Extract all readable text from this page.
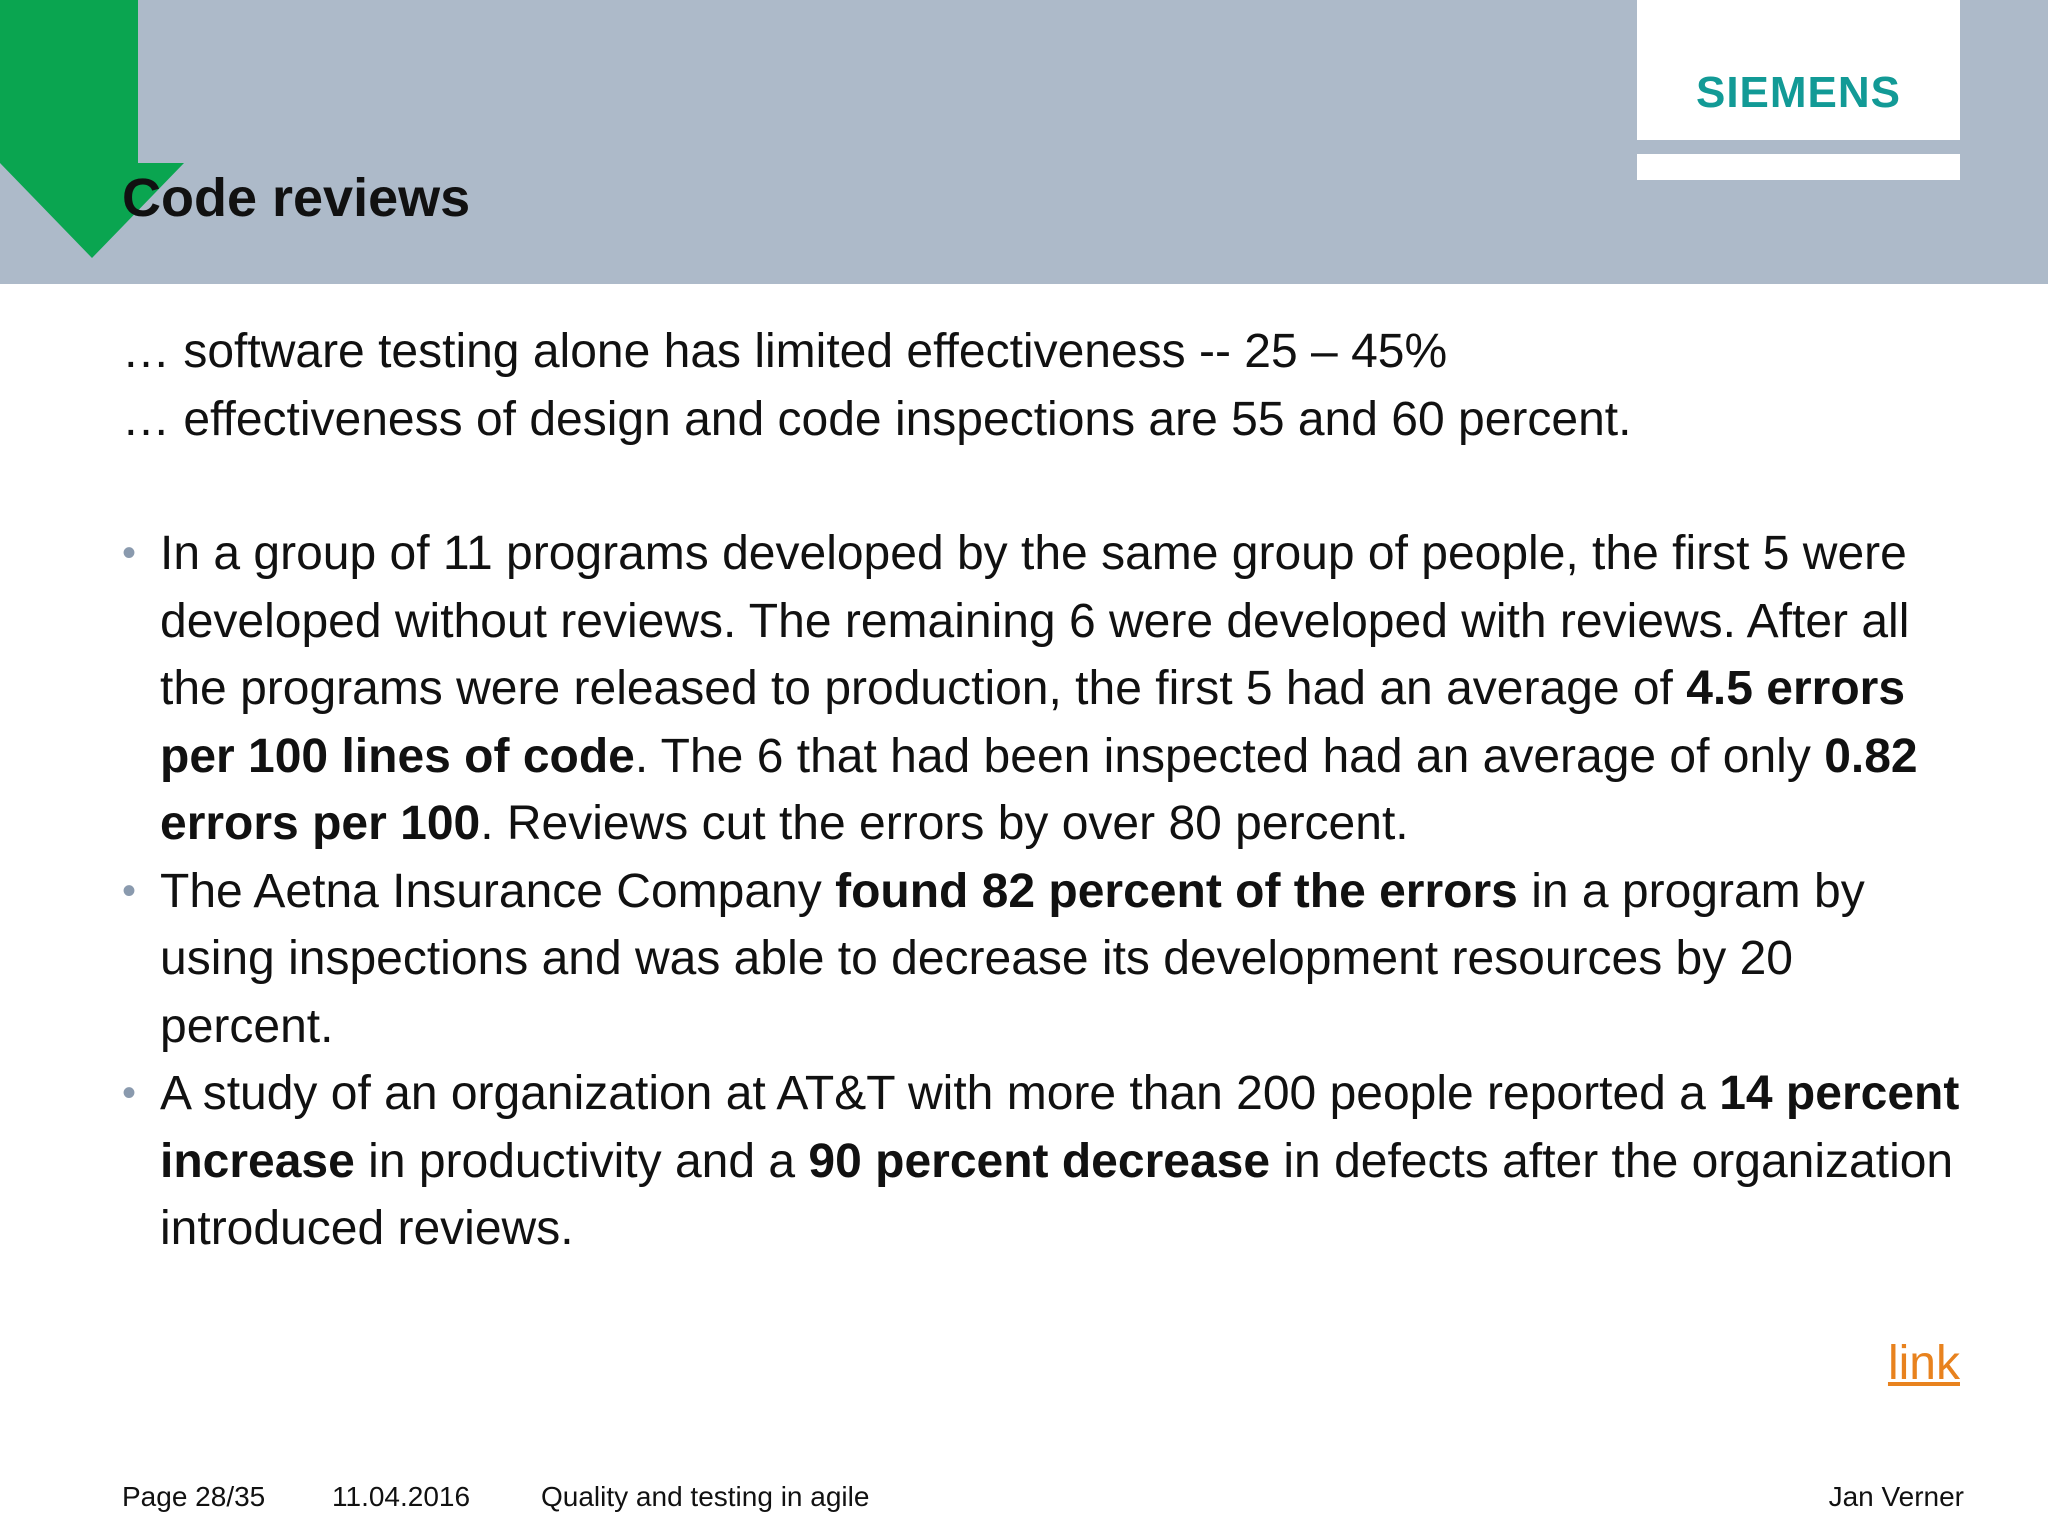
Code reviews
SIEMENS
… software testing alone has limited effectiveness -- 25 – 45%
… effectiveness of design and code inspections are 55 and 60 percent.
• In a group of 11 programs developed by the same group of people, the first 5 were developed without reviews. The remaining 6 were developed with reviews. After all the programs were released to production, the first 5 had an average of 4.5 errors per 100 lines of code. The 6 that had been inspected had an average of only 0.82 errors per 100. Reviews cut the errors by over 80 percent.
• The Aetna Insurance Company found 82 percent of the errors in a program by using inspections and was able to decrease its development resources by 20 percent.
• A study of an organization at AT&T with more than 200 people reported a 14 percent increase in productivity and a 90 percent decrease in defects after the organization introduced reviews.
link
Page 28/35 11.04.2016	Quality and testing in agile	Jan Verner
